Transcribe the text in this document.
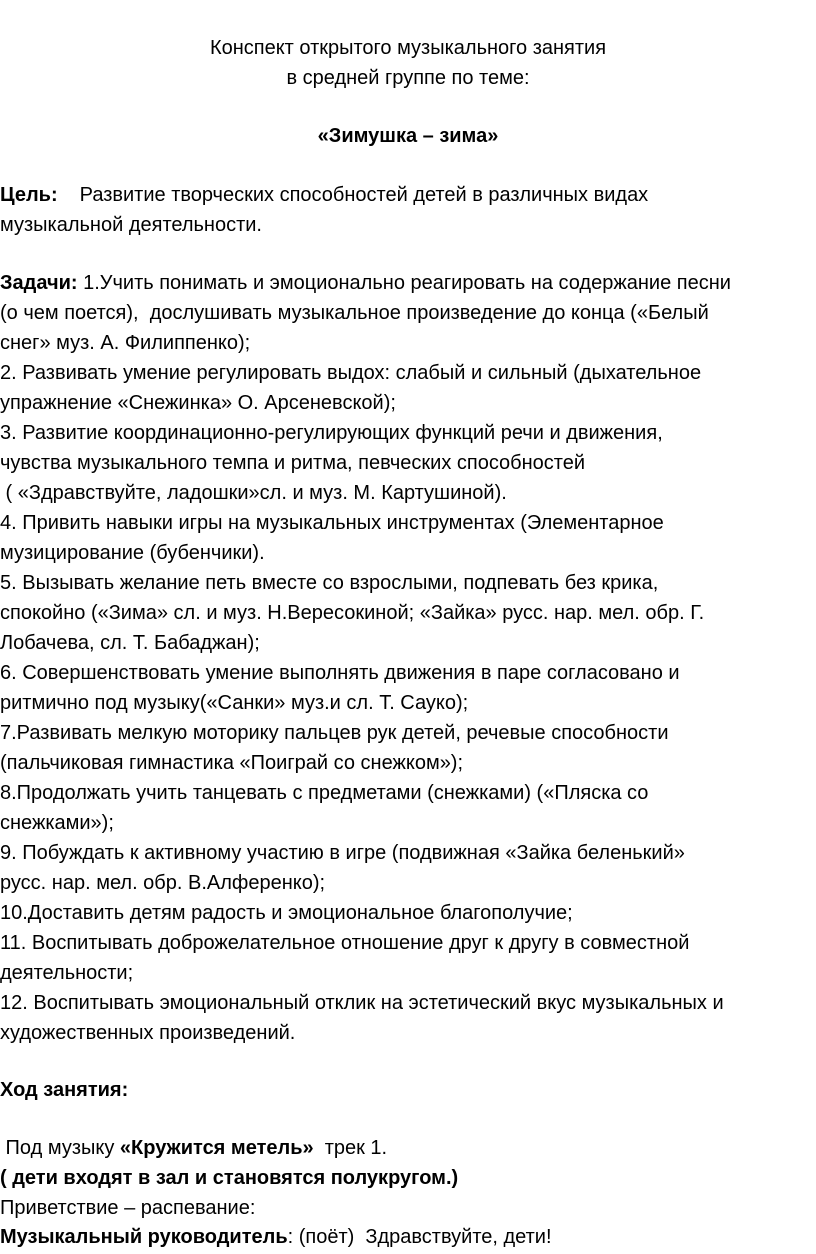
Конспект открытого музыкального занятия
в средней группе по теме:
«Зимушка – зима»
Цель: Развитие творческих способностей детей в различных видах
музыкальной деятельности.
Задачи: 1.Учить понимать и эмоционально реагировать на содержание песни
(о чем поется),  дослушивать музыкальное произведение до конца («Белый
снег» муз. А. Филиппенко);
2. Развивать умение регулировать выдох: слабый и сильный (дыхательное
упражнение «Снежинка» О. Арсеневской);
3. Развитие координационно-регулирующих функций речи и движения,
чувства музыкального темпа и ритма, певческих способностей
( «Здравствуйте, ладошки»сл. и муз. М. Картушиной).
4. Привить навыки игры на музыкальных инструментах (Элементарное
музицирование (бубенчики).
5. Вызывать желание петь вместе со взрослыми, подпевать без крика,
спокойно («Зима» сл. и муз. Н.Вересокиной; «Зайка» русс. нар. мел. обр. Г.
Лобачева, сл. Т. Бабаджан);
6. Совершенствовать умение выполнять движения в паре согласовано и
ритмично под музыку(«Санки» муз.и сл. Т. Сауко);
7.Развивать мелкую моторику пальцев рук детей, речевые способности
(пальчиковая гимнастика «Поиграй со снежком»);
8.Продолжать учить танцевать с предметами (снежками) («Пляска со
снежками»);
9. Побуждать к активному участию в игре (подвижная «Зайка беленький»
русс. нар. мел. обр. В.Алференко);
10.Доставить детям радость и эмоциональное благополучие;
11. Воспитывать доброжелательное отношение друг к другу в совместной
деятельности;
12. Воспитывать эмоциональный отклик на эстетический вкус музыкальных и
художественных произведений.
Ход занятия:
Под музыку «Кружится метель»  трек 1.
( дети входят в зал и становятся полукругом.)
Приветствие – распевание:
Музыкальный руководитель: (поёт)  Здравствуйте, дети!
